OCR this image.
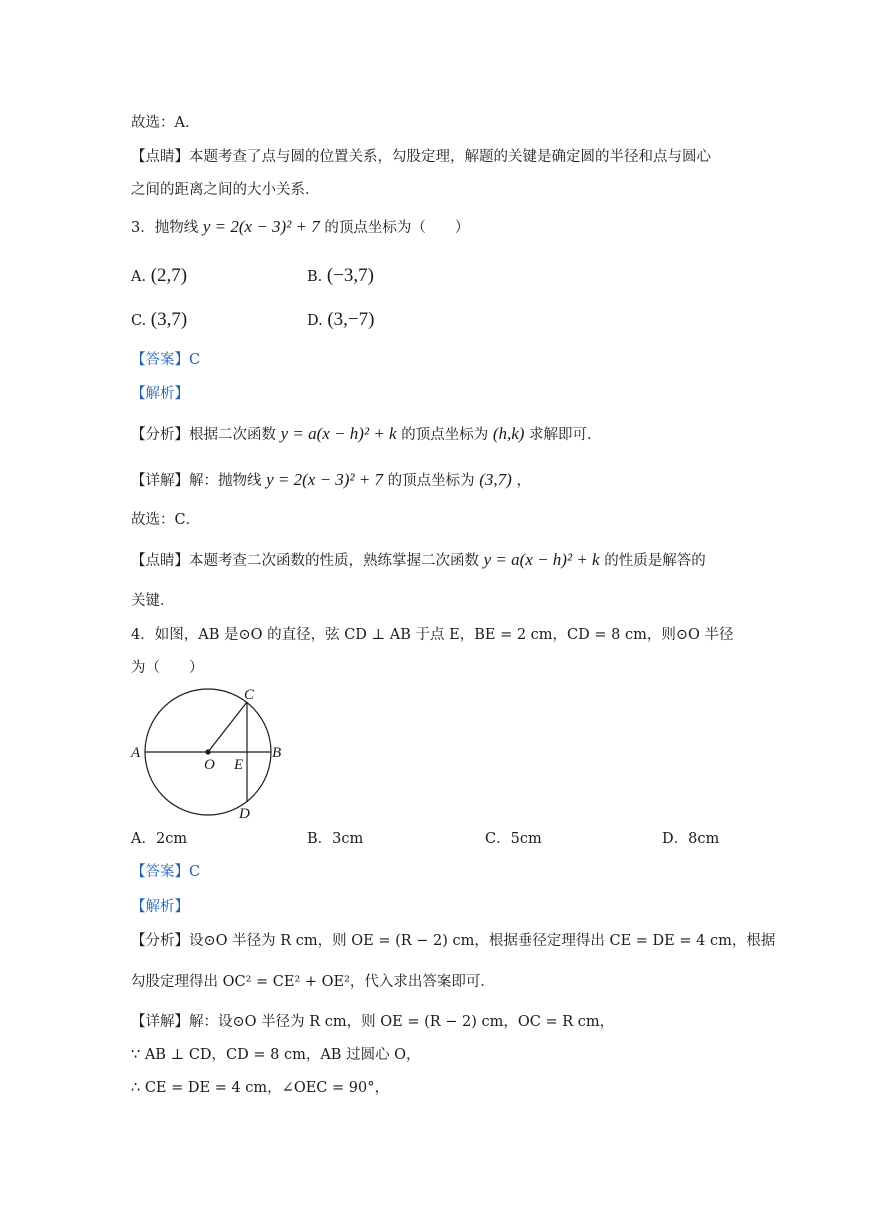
故选：A．
【点睛】本题考查了点与圆的位置关系，勾股定理，解题的关键是确定圆的半径和点与圆心
之间的距离之间的大小关系．
3．抛物线 y = 2(x − 3)² + 7 的顶点坐标为（　　）
A. (2,7)	B. (−3,7)
C. (3,7)	D. (3,−7)
【答案】C
【解析】
【分析】根据二次函数 y = a(x − h)² + k 的顶点坐标为 (h,k) 求解即可．
【详解】解：抛物线 y = 2(x − 3)² + 7 的顶点坐标为 (3,7) ，
故选：C．
【点睛】本题考查二次函数的性质，熟练掌握二次函数 y = a(x − h)² + k 的性质是解答的
关键．
4．如图，AB 是⊙O 的直径，弦 CD ⊥ AB 于点 E，BE = 2 cm，CD = 8 cm，则⊙O 半径
为（　　）
A	B
C
D
O E
A．2cm	B．3cm	C．5cm	D．8cm
【答案】C
【解析】
【分析】设⊙O 半径为 R cm，则 OE = (R − 2) cm，根据垂径定理得出 CE = DE = 4 cm，根据
勾股定理得出 OC² = CE² + OE²，代入求出答案即可．
【详解】解：设⊙O 半径为 R cm，则 OE = (R − 2) cm，OC = R cm，
∵ AB ⊥ CD，CD = 8 cm，AB 过圆心 O，
∴ CE = DE = 4 cm，∠OEC = 90°，
